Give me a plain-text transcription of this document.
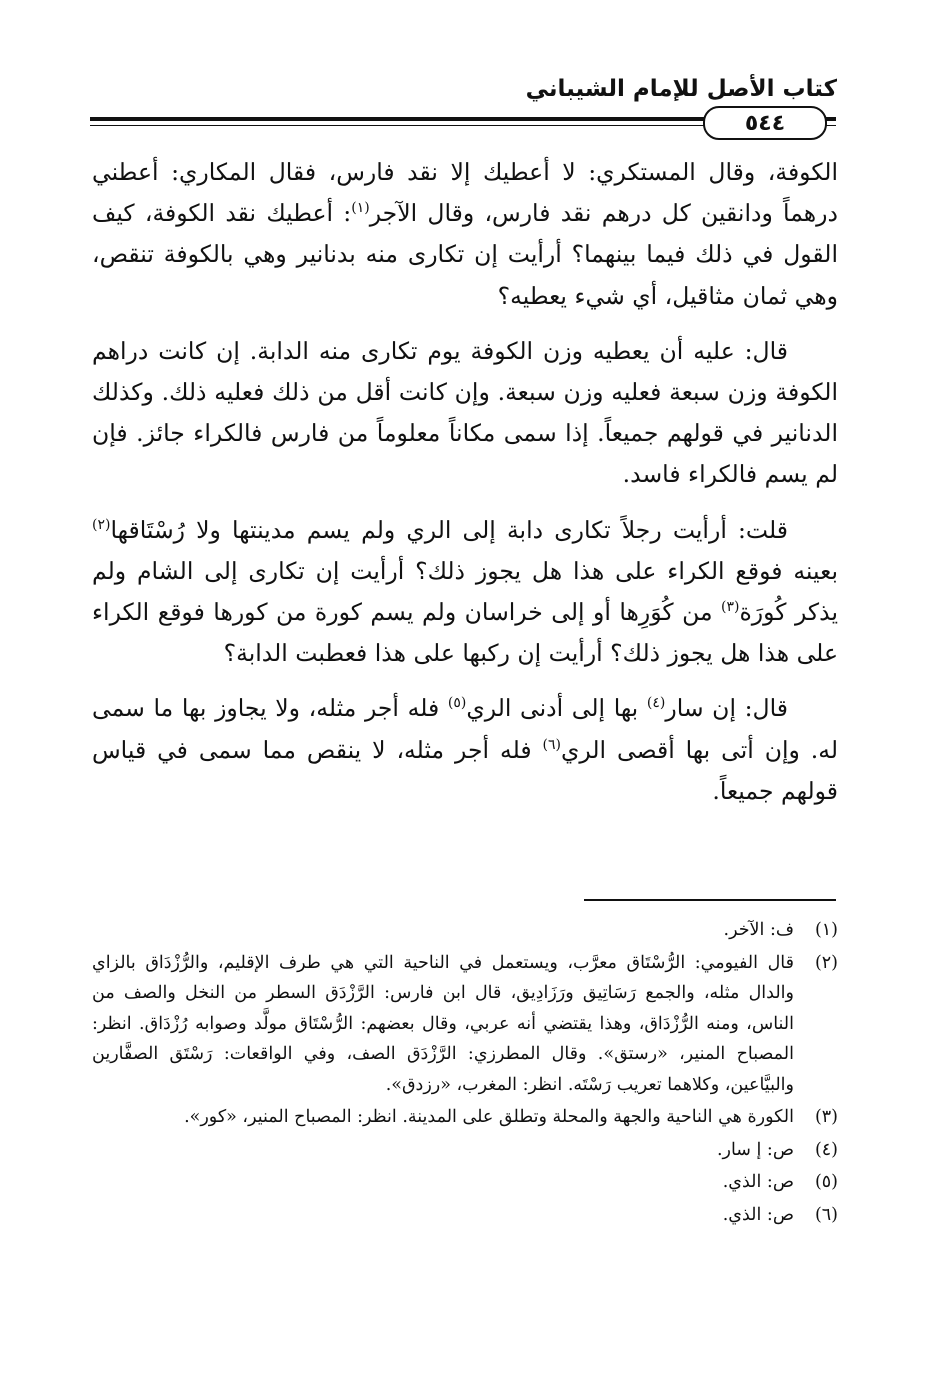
كتاب الأصل للإمام الشيباني
٥٤٤

الكوفة، وقال المستكري: لا أعطيك إلا نقد فارس، فقال المكاري: أعطني درهماً ودانقين كل درهم نقد فارس، وقال الآجر$^{(١)}$: أعطيك نقد الكوفة، كيف القول في ذلك فيما بينهما؟ أرأيت إن تكارى منه بدنانير وهي بالكوفة تنقص، وهي ثمان مثاقيل، أي شيء يعطيه؟

قال: عليه أن يعطيه وزن الكوفة يوم تكارى منه الدابة. إن كانت دراهم الكوفة وزن سبعة فعليه وزن سبعة. وإن كانت أقل من ذلك فعليه ذلك. وكذلك الدنانير في قولهم جميعاً. إذا سمى مكاناً معلوماً من فارس فالكراء جائز. فإن لم يسم فالكراء فاسد.

قلت: أرأيت رجلاً تكارى دابة إلى الري ولم يسم مدينتها ولا رُسْتَاقها$^{(٢)}$ بعينه فوقع الكراء على هذا هل يجوز ذلك؟ أرأيت إن تكارى إلى الشام ولم يذكر كُورَة$^{(٣)}$ من كُوَرِها أو إلى خراسان ولم يسم كورة من كورها فوقع الكراء على هذا هل يجوز ذلك؟ أرأيت إن ركبها على هذا فعطبت الدابة؟

قال: إن سار$^{(٤)}$ بها إلى أدنى الري$^{(٥)}$ فله أجر مثله، ولا يجاوز بها ما سمى له. وإن أتى بها أقصى الري$^{(٦)}$ فله أجر مثله، لا ينقص مما سمى في قياس قولهم جميعاً.

(١)
ف: الآخر.
(٢)
قال الفيومي: الرُّسْتَاق معرَّب، ويستعمل في الناحية التي هي طرف الإقليم، والرُّزْدَاق بالزاي والدال مثله، والجمع رَسَاتِيق ورَزَادِيق، قال ابن فارس: الرَّزْدَق السطر من النخل والصف من الناس، ومنه الرُّزْدَاق، وهذا يقتضي أنه عربي، وقال بعضهم: الرُّسْتَاق مولَّد وصوابه رُزْدَاق. انظر: المصباح المنير، «رستق». وقال المطرزي: الرَّزْدَق الصف، وفي الواقعات: رَسْتَق الصفَّارين والبيَّاعين، وكلاهما تعريب رَسْتَه. انظر: المغرب، «رزدق».
(٣)
الكورة هي الناحية والجهة والمحلة وتطلق على المدينة. انظر: المصباح المنير، «كور».
(٤)
ص: إ سار.
(٥)
ص: الذي.
(٦)
ص: الذي.
